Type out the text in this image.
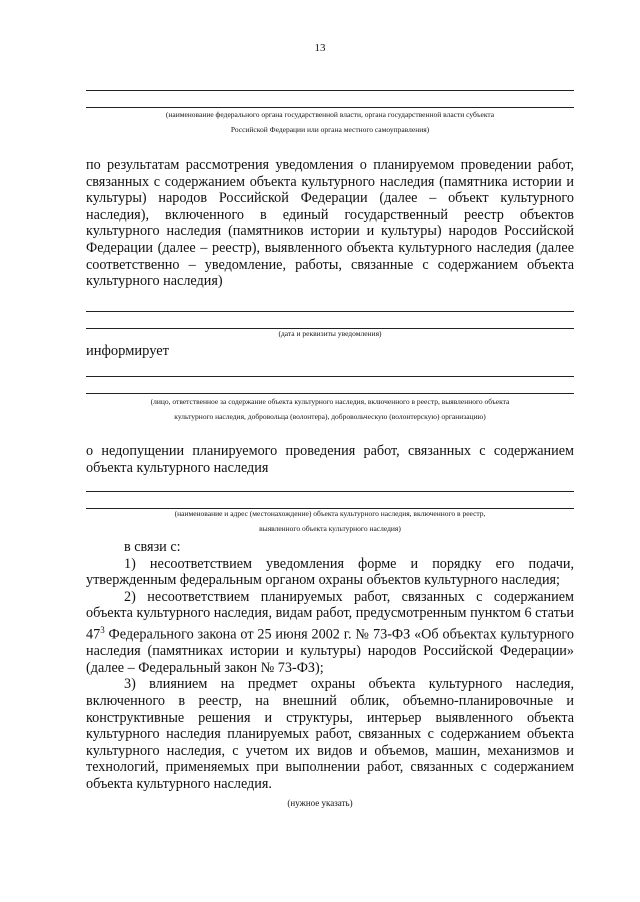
13
(наименование федерального органа государственной власти, органа государственной власти субъекта
Российской Федерации или органа местного самоуправления)

по результатам рассмотрения уведомления о планируемом проведении работ, связанных с содержанием объекта культурного наследия (памятника истории и культуры) народов Российской Федерации (далее – объект культурного наследия), включенного в единый государственный реестр объектов культурного наследия (памятников истории и культуры) народов Российской Федерации (далее – реестр), выявленного объекта культурного наследия (далее соответственно – уведомление, работы, связанные с содержанием объекта культурного наследия)

(дата и реквизиты уведомления)
информирует
(лицо, ответственное за содержание объекта культурного наследия, включенного в реестр, выявленного объекта
культурного наследия, добровольца (волонтера), добровольческую (волонтерскую) организацию)

о недопущении планируемого проведения работ, связанных с содержанием объекта культурного наследия

(наименование и адрес (местонахождение) объекта культурного наследия, включенного в реестр,
выявленного объекта культурного наследия)

в связи с:

1) несоответствием уведомления форме и порядку его подачи, утвержденным федеральным органом охраны объектов культурного наследия;

2) несоответствием планируемых работ, связанных с содержанием объекта культурного наследия, видам работ, предусмотренным пунктом 6 статьи $47^3$ Федерального закона от 25 июня 2002 г. № 73-ФЗ «Об объектах культурного наследия (памятниках истории и культуры) народов Российской Федерации» (далее – Федеральный закон № 73-ФЗ);

3) влиянием на предмет охраны объекта культурного наследия, включенного в реестр, на внешний облик, объемно-планировочные и конструктивные решения и структуры, интерьер выявленного объекта культурного наследия планируемых работ, связанных с содержанием объекта культурного наследия, с учетом их видов и объемов, машин, механизмов и технологий, применяемых при выполнении работ, связанных с содержанием объекта культурного наследия.

(нужное указать)
